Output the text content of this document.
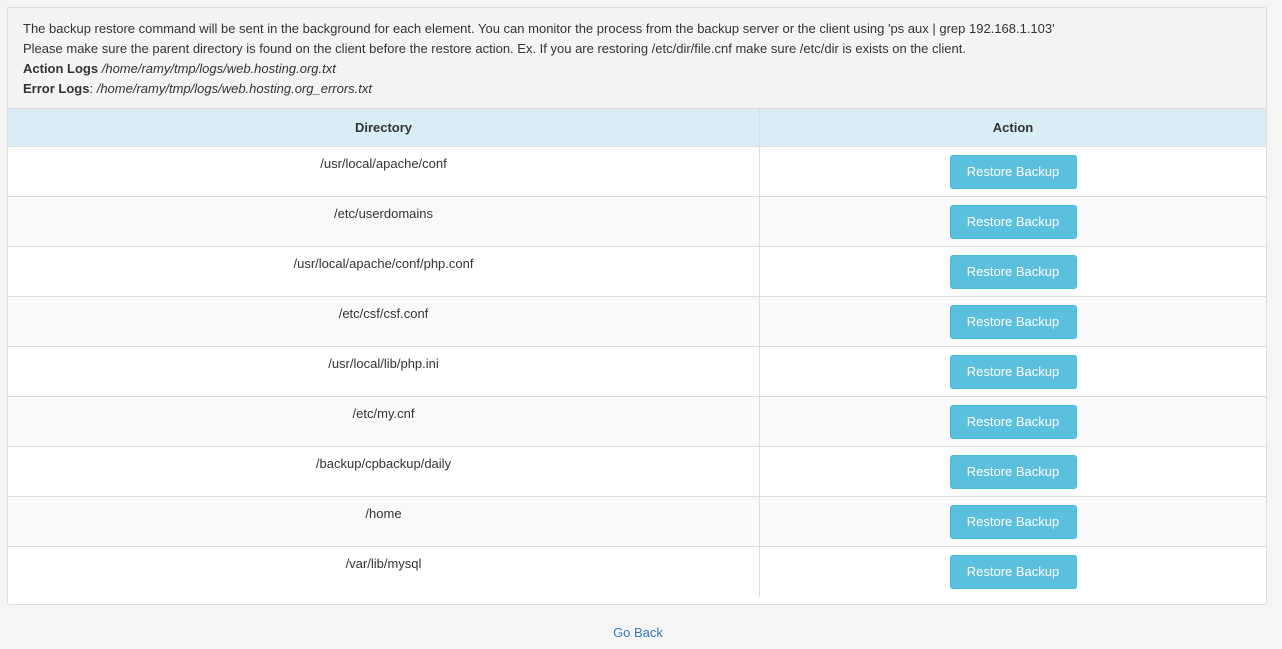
The backup restore command will be sent in the background for each element. You can monitor the process from the backup server or the client using 'ps aux | grep 192.168.1.103'
Please make sure the parent directory is found on the client before the restore action. Ex. If you are restoring /etc/dir/file.cnf make sure /etc/dir is exists on the client.
Action Logs /home/ramy/tmp/logs/web.hosting.org.txt
Error Logs: /home/ramy/tmp/logs/web.hosting.org_errors.txt
Directory	Action
/usr/local/apache/conf	Restore Backup
/etc/userdomains	Restore Backup
/usr/local/apache/conf/php.conf	Restore Backup
/etc/csf/csf.conf	Restore Backup
/usr/local/lib/php.ini	Restore Backup
/etc/my.cnf	Restore Backup
/backup/cpbackup/daily	Restore Backup
/home	Restore Backup
/var/lib/mysql	Restore Backup
Go Back
